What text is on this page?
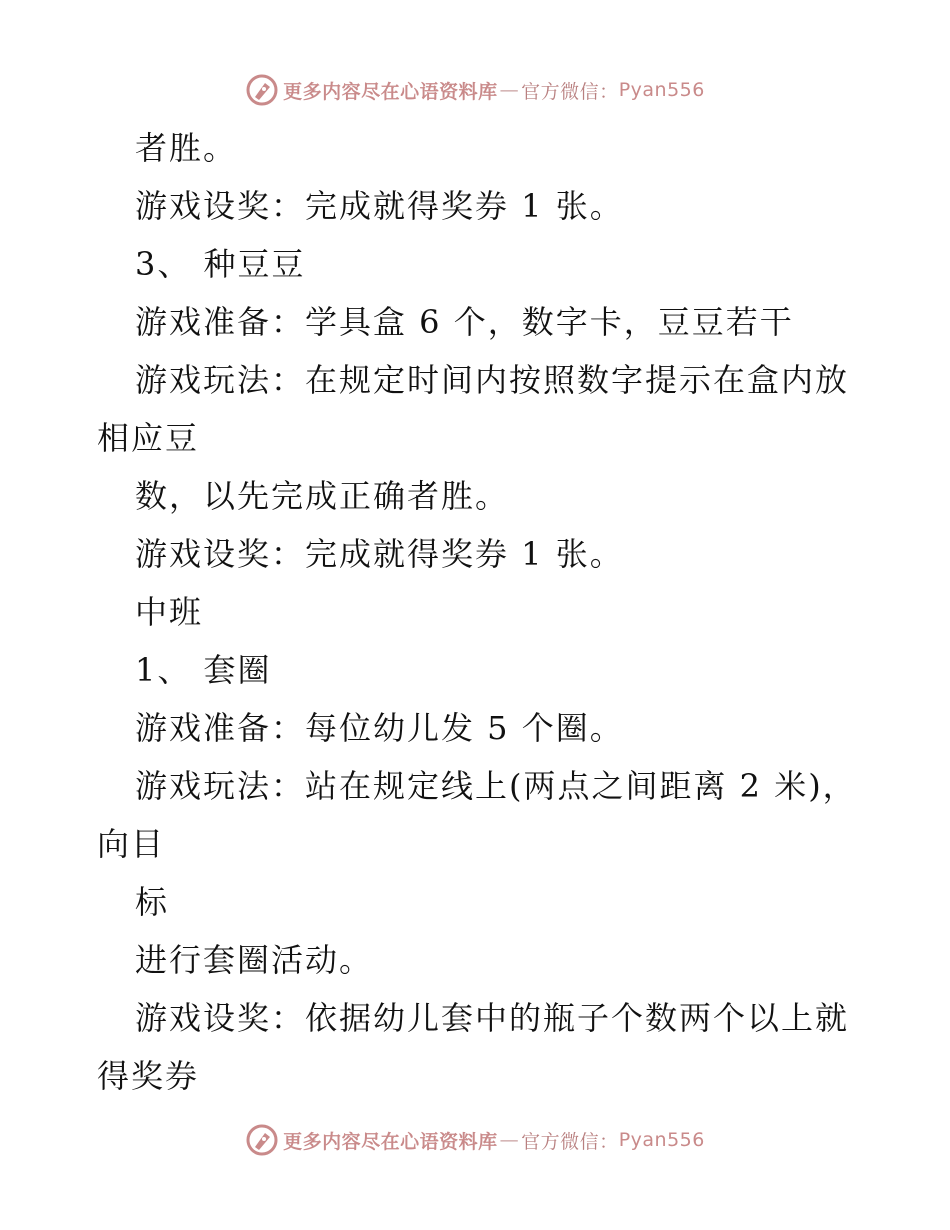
更多内容尽在心语资料库 — 官方微信： Pyan556
者胜。
游戏设奖：完成就得奖券 1 张。
3、 种豆豆
游戏准备：学具盒 6 个，数字卡，豆豆若干
游戏玩法：在规定时间内按照数字提示在盒内放
相应豆
数，以先完成正确者胜。
游戏设奖：完成就得奖券 1 张。
中班
1、 套圈
游戏准备：每位幼儿发 5 个圈。
游戏玩法：站在规定线上(两点之间距离 2 米)，
向目
标
进行套圈活动。
游戏设奖：依据幼儿套中的瓶子个数两个以上就
得奖券
更多内容尽在心语资料库 — 官方微信： Pyan556
